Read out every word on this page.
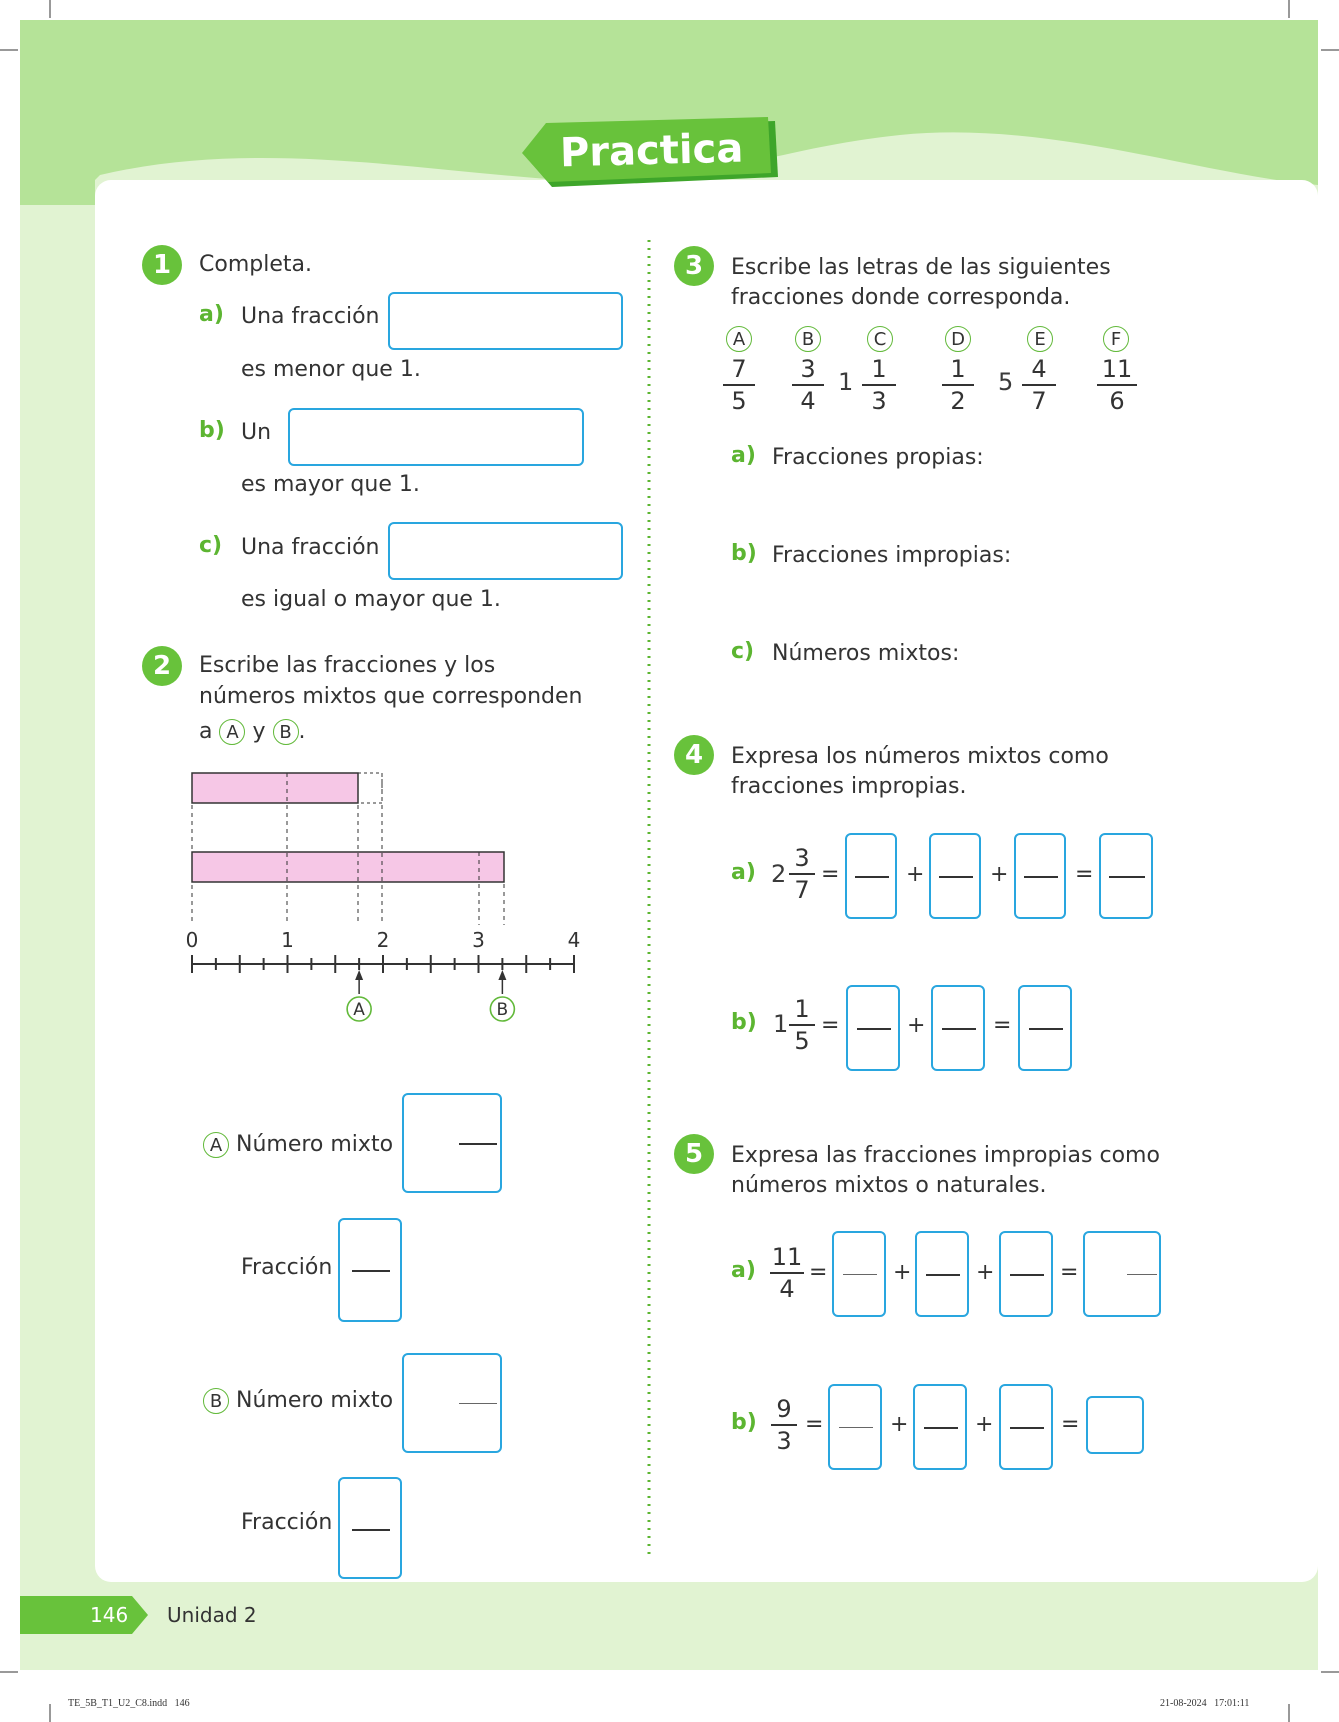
Practica
1	Completa.
a) Una fracción
es menor que 1.
b) Un
es mayor que 1.
c) Una fracción
es igual o mayor que 1.
2	Escribe las fracciones y los
números mixtos que corresponden
a A y B .
0	1	2	3	4
A	B
A Número mixto
Fracción
B Número mixto
Fracción
3	Escribe las letras de las siguientes
fracciones donde corresponda.
A
7
5
B
3
4
C
1 1
3
D
1
2
E
5 4
7
F
11
6
a) Fracciones propias:
b) Fracciones impropias:
c) Números mixtos:
4	Expresa los números mixtos como
fracciones impropias.
a) 2
3
7
=	+	+	=
b) 1
1
5
=	+	=
5	Expresa las fracciones impropias como
números mixtos o naturales.
a) 11
4
=	+	+	=
b) 9
3
=	+	+	=
146 Unidad 2
TE_5B_T1_U2_C8.indd   146	21-08-2024   17:01:11
